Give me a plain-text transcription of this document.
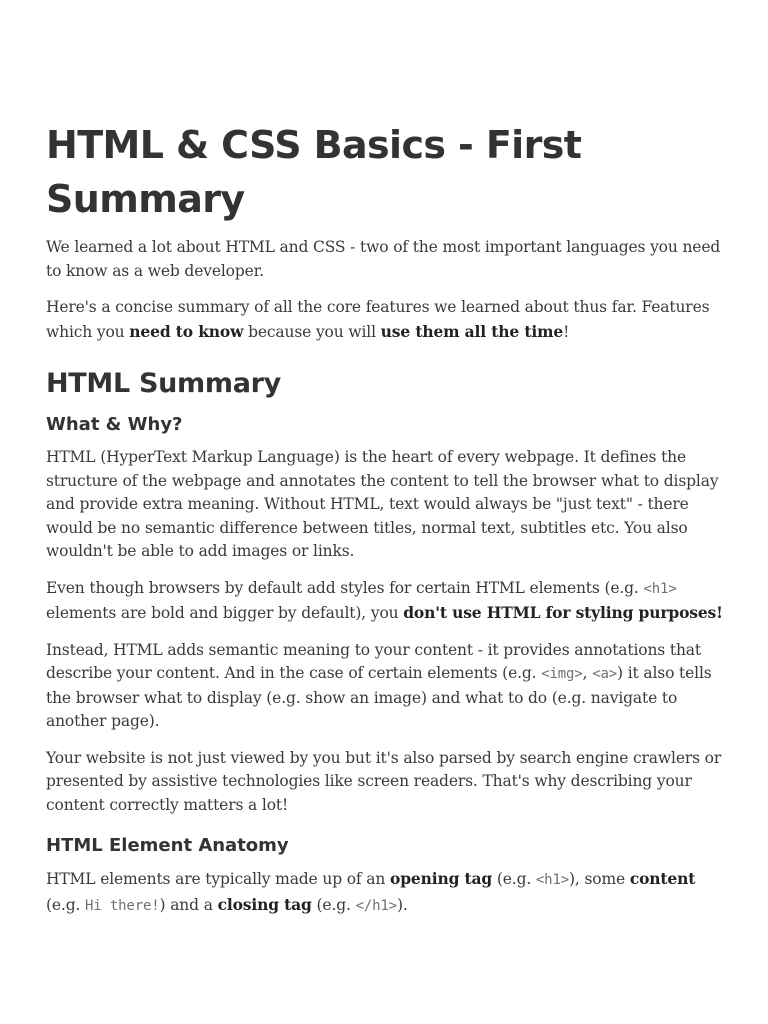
HTML & CSS Basics - First Summary

We learned a lot about HTML and CSS - two of the most important languages you need to know as a web developer.

Here's a concise summary of all the core features we learned about thus far. Features which you need to know because you will use them all the time!

HTML Summary
What & Why?

HTML (HyperText Markup Language) is the heart of every webpage. It defines the structure of the webpage and annotates the content to tell the browser what to display and provide extra meaning. Without HTML, text would always be "just text" - there would be no semantic difference between titles, normal text, subtitles etc. You also wouldn't be able to add images or links.

Even though browsers by default add styles for certain HTML elements (e.g. <h1> elements are bold and bigger by default), you don't use HTML for styling purposes!

Instead, HTML adds semantic meaning to your content - it provides annotations that describe your content. And in the case of certain elements (e.g. <img>, <a>) it also tells the browser what to display (e.g. show an image) and what to do (e.g. navigate to another page).

Your website is not just viewed by you but it's also parsed by search engine crawlers or presented by assistive technologies like screen readers. That's why describing your content correctly matters a lot!

HTML Element Anatomy

HTML elements are typically made up of an opening tag (e.g. <h1>), some content (e.g. Hi there!) and a closing tag (e.g. </h1>).
